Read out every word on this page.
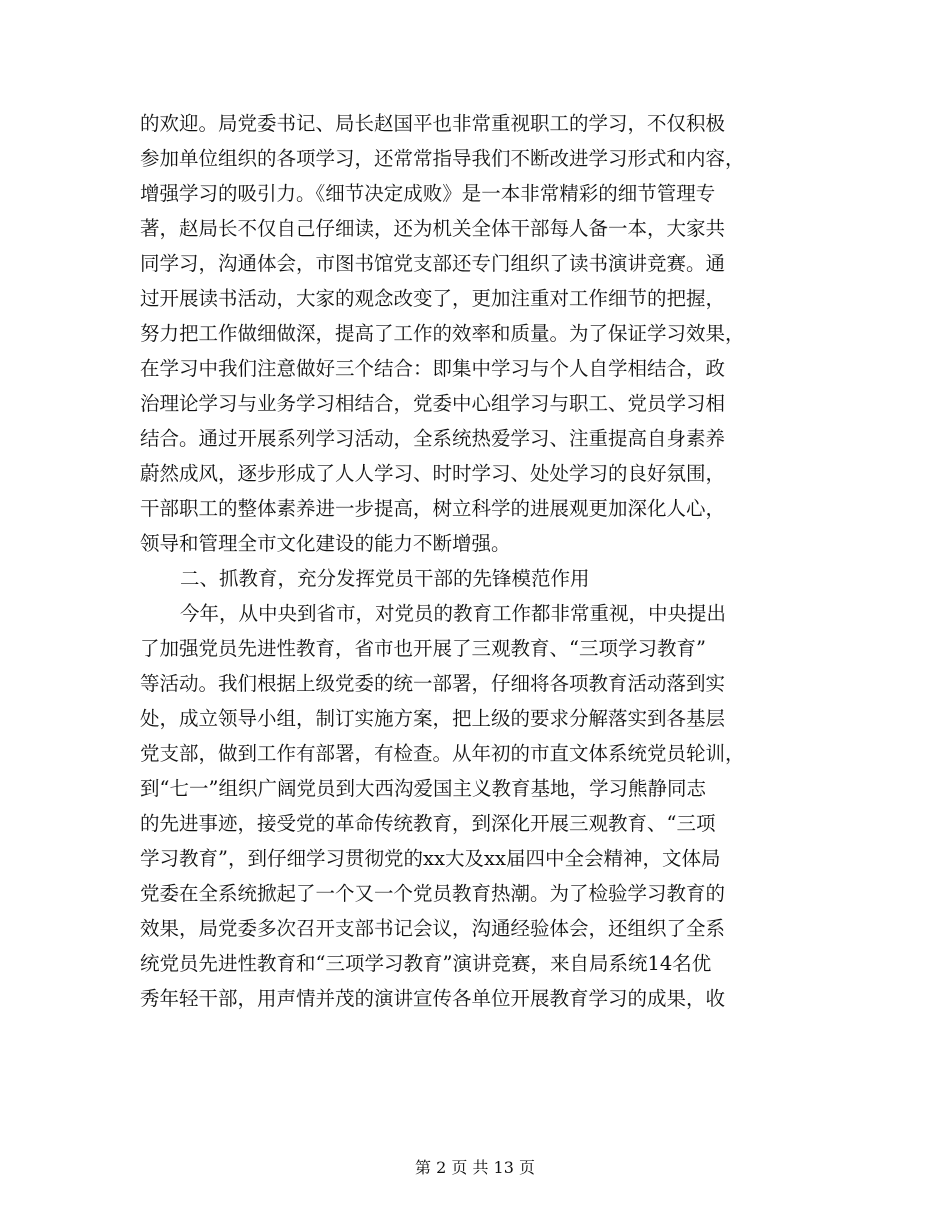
的欢迎。局党委书记、局长赵国平也非常重视职工的学习，不仅积极
参加单位组织的各项学习，还常常指导我们不断改进学习形式和内容，
增强学习的吸引力。《细节决定成败》是一本非常精彩的细节管理专
著，赵局长不仅自己仔细读，还为机关全体干部每人备一本，大家共
同学习，沟通体会，市图书馆党支部还专门组织了读书演讲竞赛。通
过开展读书活动，大家的观念改变了，更加注重对工作细节的把握，
努力把工作做细做深，提高了工作的效率和质量。为了保证学习效果，
在学习中我们注意做好三个结合：即集中学习与个人自学相结合，政
治理论学习与业务学习相结合，党委中心组学习与职工、党员学习相
结合。通过开展系列学习活动，全系统热爱学习、注重提高自身素养
蔚然成风，逐步形成了人人学习、时时学习、处处学习的良好氛围，
干部职工的整体素养进一步提高，树立科学的进展观更加深化人心，
领导和管理全市文化建设的能力不断增强。
二、抓教育，充分发挥党员干部的先锋模范作用
今年，从中央到省市，对党员的教育工作都非常重视，中央提出
了加强党员先进性教育，省市也开展了三观教育、“三项学习教育”
等活动。我们根据上级党委的统一部署，仔细将各项教育活动落到实
处，成立领导小组，制订实施方案，把上级的要求分解落实到各基层
党支部，做到工作有部署，有检查。从年初的市直文体系统党员轮训，
到“七一”组织广阔党员到大西沟爱国主义教育基地，学习熊静同志
的先进事迹，接受党的革命传统教育，到深化开展三观教育、“三项
学习教育”，到仔细学习贯彻党的xx大及xx届四中全会精神，文体局
党委在全系统掀起了一个又一个党员教育热潮。为了检验学习教育的
效果，局党委多次召开支部书记会议，沟通经验体会，还组织了全系
统党员先进性教育和“三项学习教育”演讲竞赛，来自局系统14名优
秀年轻干部，用声情并茂的演讲宣传各单位开展教育学习的成果，收
第 2 页 共 13 页
